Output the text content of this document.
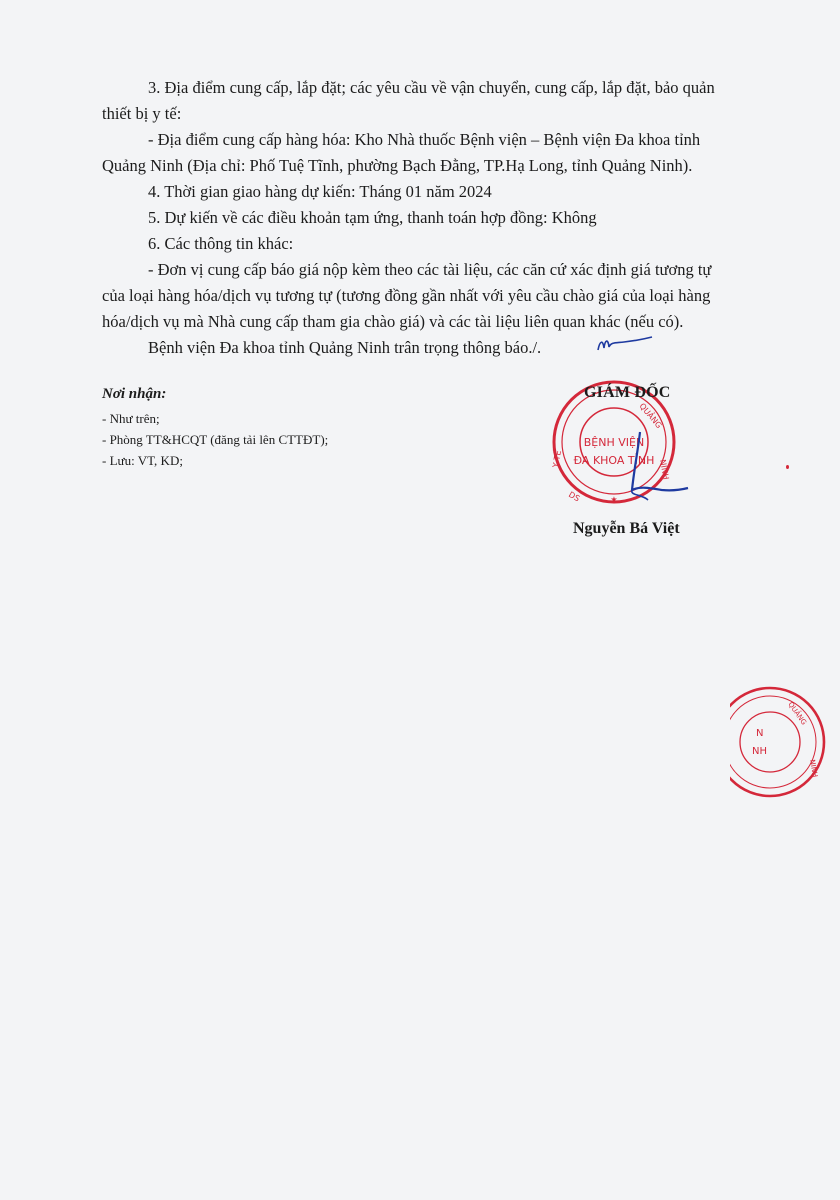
3. Địa điểm cung cấp, lắp đặt; các yêu cầu về vận chuyển, cung cấp, lắp đặt, bảo quản
thiết bị y tế:
- Địa điểm cung cấp hàng hóa: Kho Nhà thuốc Bệnh viện – Bệnh viện Đa khoa tỉnh
Quảng Ninh (Địa chỉ: Phố Tuệ Tĩnh, phường Bạch Đằng, TP.Hạ Long, tỉnh Quảng Ninh).
4. Thời gian giao hàng dự kiến: Tháng 01 năm 2024
5. Dự kiến về các điều khoản tạm ứng, thanh toán hợp đồng: Không
6. Các thông tin khác:
- Đơn vị cung cấp báo giá nộp kèm theo các tài liệu, các căn cứ xác định giá tương tự
của loại hàng hóa/dịch vụ tương tự (tương đồng gần nhất với yêu cầu chào giá của loại hàng
hóa/dịch vụ mà Nhà cung cấp tham gia chào giá) và các tài liệu liên quan khác (nếu có).
Bệnh viện Đa khoa tỉnh Quảng Ninh trân trọng thông báo./.
Nơi nhận:
- Như trên;
- Phòng TT&HCQT (đăng tải lên CTTĐT);
- Lưu: VT, KD;
QUẢNG
NINH
Y TẾ
DS	★
BỆNH VIỆN
ĐA KHOA TỈNH
GIÁM ĐỐC
Nguyễn Bá Việt
QUẢNG
NINH
N
NH
